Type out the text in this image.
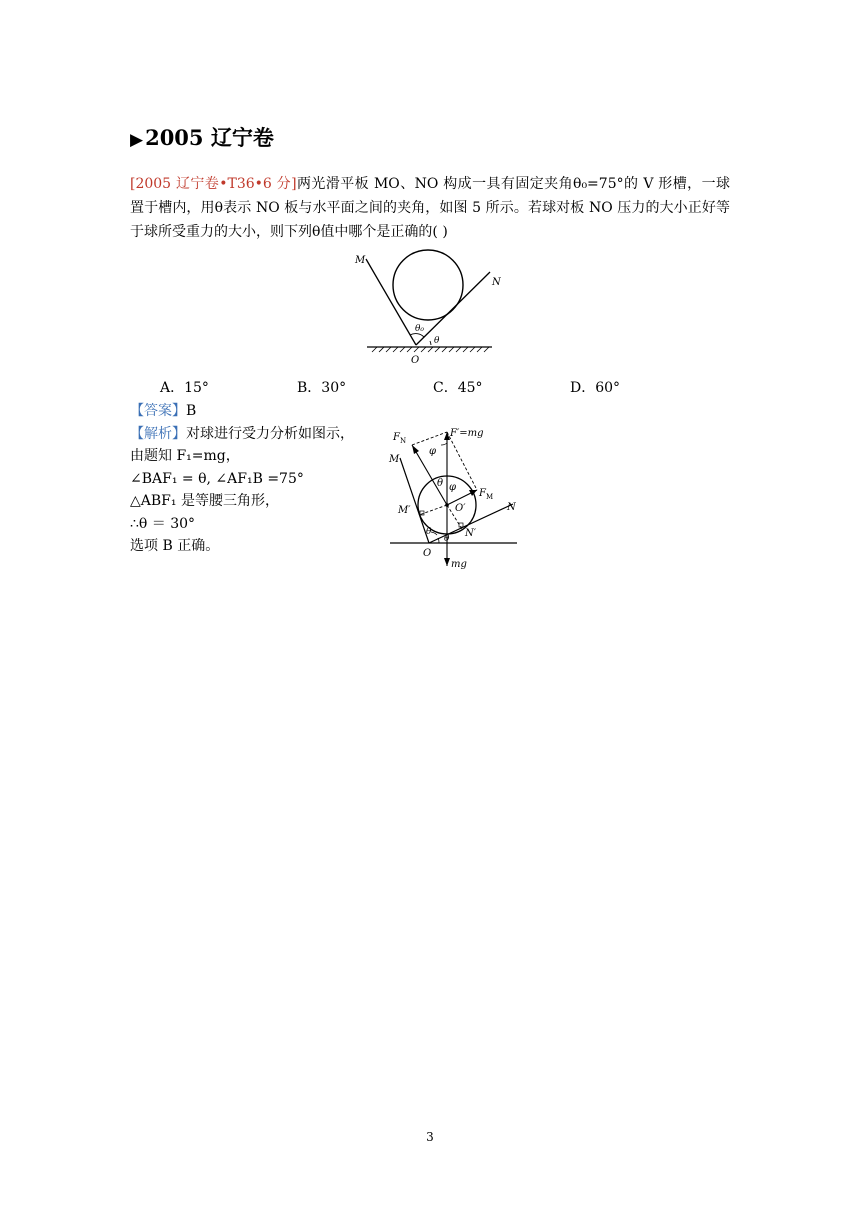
▶2005 辽宁卷
[2005 辽宁卷•T36•6 分]两光滑平板 MO、NO 构成一具有固定夹角θ₀=75°的 V 形槽，一球置于槽内，用θ表示 NO 板与水平面之间的夹角，如图 5 所示。若球对板 NO 压力的大小正好等于球所受重力的大小，则下列θ值中哪个是正确的( )
M
N
O
θ₀
θ
A．15°	B．30°	C．45°	D．60°
【答案】B
【解析】对球进行受力分析如图示，
由题知 F₁=mg，
∠BAF₁ = θ, ∠AF₁B =75°
△ABF₁ 是等腰三角形，
∴θ ＝ 30°
选项 B 正确。
$F_N$
F′=mg
M
φ
φ
θ
$F_M$
M′	O′	N
N′
O
θ
θ
mg
3
